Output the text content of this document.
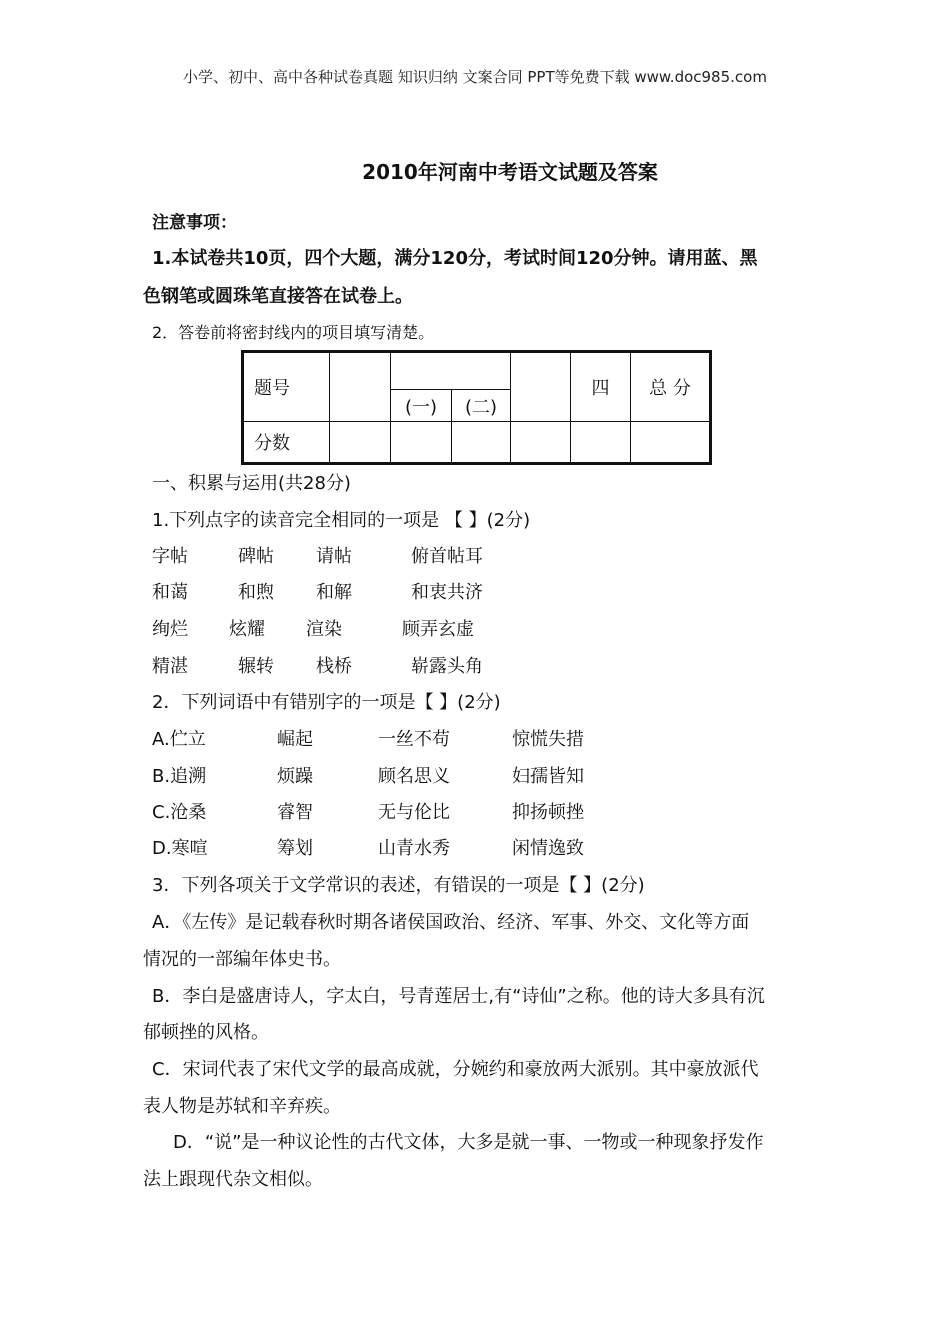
小学、初中、高中各种试卷真题 知识归纳 文案合同 PPT等免费下载 www.doc985.com
2010年河南中考语文试题及答案
注意事项：
1.本试卷共10页，四个大题，满分120分，考试时间120分钟。请用蓝、黑
色钢笔或圆珠笔直接答在试卷上。
2．答卷前将密封线内的项目填写清楚。
题号					四	总 分
		(一)	(二)			
分数						
一、积累与运用(共28分)
1.下列点字的读音完全相同的一项是 【 】(2分)
字帖	碑帖 请帖	俯首帖耳
和蔼	和煦 和解	和衷共济
绚烂 炫耀 渲染	顾弄玄虚
精湛	辗转 栈桥	崭露头角
2．下列词语中有错别字的一项是【 】(2分)
A.伫立	崛起	一丝不苟	惊慌失措
B.追溯	烦躁	顾名思义	妇孺皆知
C.沧桑	睿智	无与伦比	抑扬顿挫
D.寒喧	筹划	山青水秀	闲情逸致
3．下列各项关于文学常识的表述，有错误的一项是【 】(2分)
A．《左传》是记载春秋时期各诸侯国政治、经济、军事、外交、文化等方面
情况的一部编年体史书。
B．李白是盛唐诗人，字太白，号青莲居士,有“诗仙”之称。他的诗大多具有沉
郁顿挫的风格。
C．宋词代表了宋代文学的最高成就，分婉约和豪放两大派别。其中豪放派代
表人物是苏轼和辛弃疾。
D．“说”是一种议论性的古代文体，大多是就一事、一物或一种现象抒发作
法上跟现代杂文相似。
